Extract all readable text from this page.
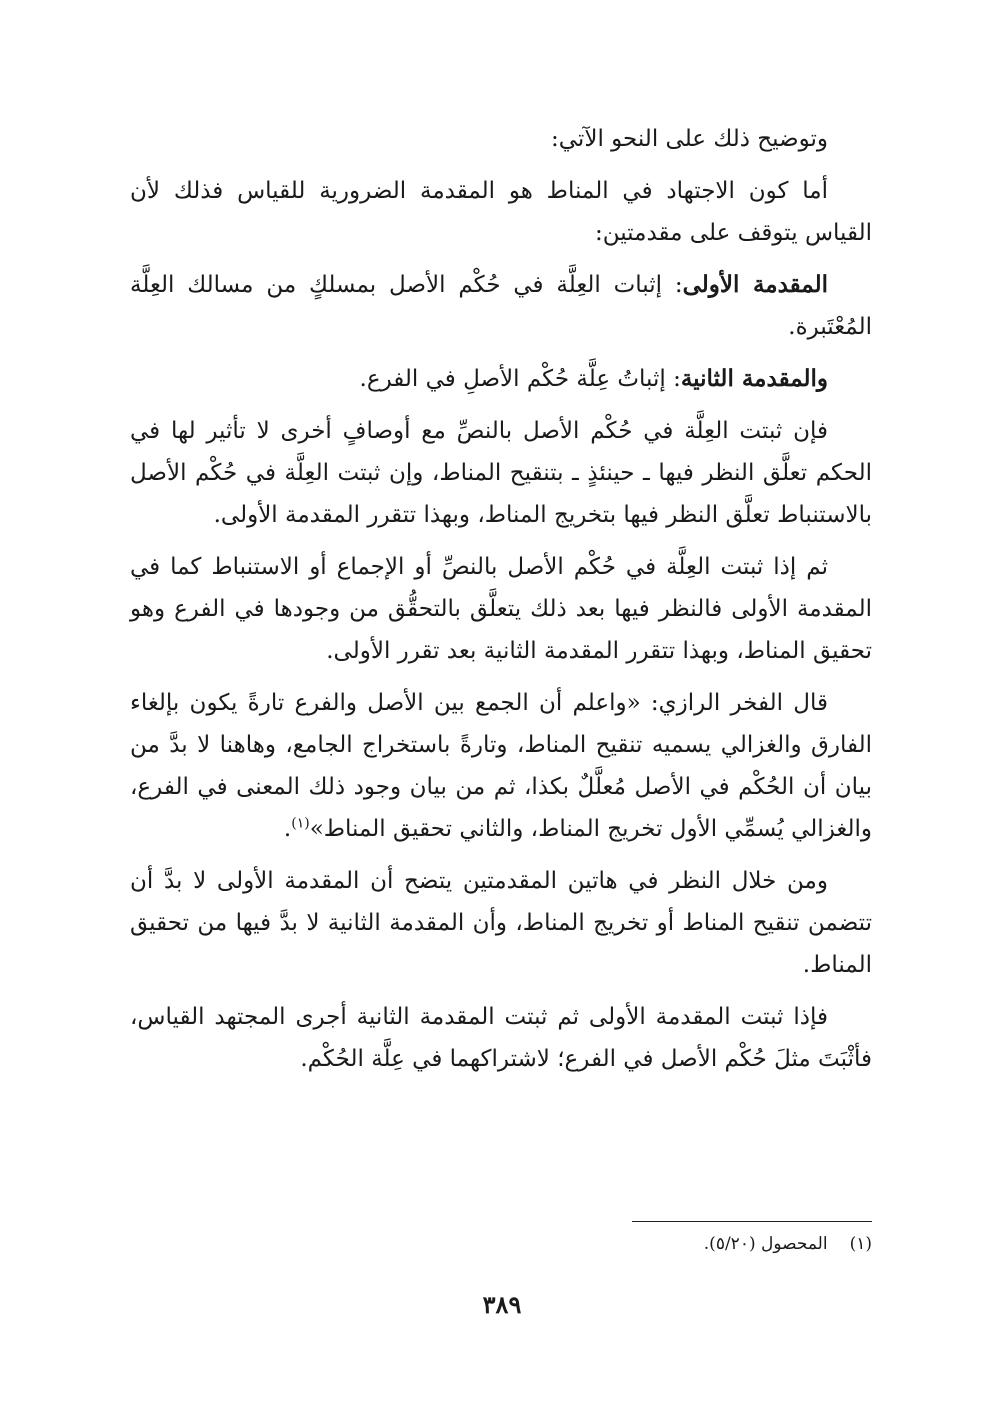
وتوضيح ذلك على النحو الآتي:

أما كون الاجتهاد في المناط هو المقدمة الضرورية للقياس فذلك لأن القياس يتوقف على مقدمتين:

المقدمة الأولى: إثبات العِلَّة في حُكْم الأصل بمسلكٍ من مسالك العِلَّة المُعْتَبرة.

والمقدمة الثانية: إثباتُ عِلَّة حُكْم الأصلِ في الفرع.

فإن ثبتت العِلَّة في حُكْم الأصل بالنصِّ مع أوصافٍ أخرى لا تأثير لها في الحكم تعلَّق النظر فيها ـ حينئذٍ ـ بتنقيح المناط، وإن ثبتت العِلَّة في حُكْم الأصل بالاستنباط تعلَّق النظر فيها بتخريج المناط، وبهذا تتقرر المقدمة الأولى.

ثم إذا ثبتت العِلَّة في حُكْم الأصل بالنصِّ أو الإجماع أو الاستنباط كما في المقدمة الأولى فالنظر فيها بعد ذلك يتعلَّق بالتحقُّق من وجودها في الفرع وهو تحقيق المناط، وبهذا تتقرر المقدمة الثانية بعد تقرر الأولى.

قال الفخر الرازي: «واعلم أن الجمع بين الأصل والفرع تارةً يكون بإلغاء الفارق والغزالي يسميه تنقيح المناط، وتارةً باستخراج الجامع، وهاهنا لا بدَّ من بيان أن الحُكْم في الأصل مُعلَّلٌ بكذا، ثم من بيان وجود ذلك المعنى في الفرع، والغزالي يُسمِّي الأول تخريج المناط، والثاني تحقيق المناط»$^{(١)}$.

ومن خلال النظر في هاتين المقدمتين يتضح أن المقدمة الأولى لا بدَّ أن تتضمن تنقيح المناط أو تخريج المناط، وأن المقدمة الثانية لا بدَّ فيها من تحقيق المناط.

فإذا ثبتت المقدمة الأولى ثم ثبتت المقدمة الثانية أجرى المجتهد القياس، فأثْبَتَ مثلَ حُكْم الأصل في الفرع؛ لاشتراكهما في عِلَّة الحُكْم.

(١)المحصول (٥/٢٠).
٣٨٩
